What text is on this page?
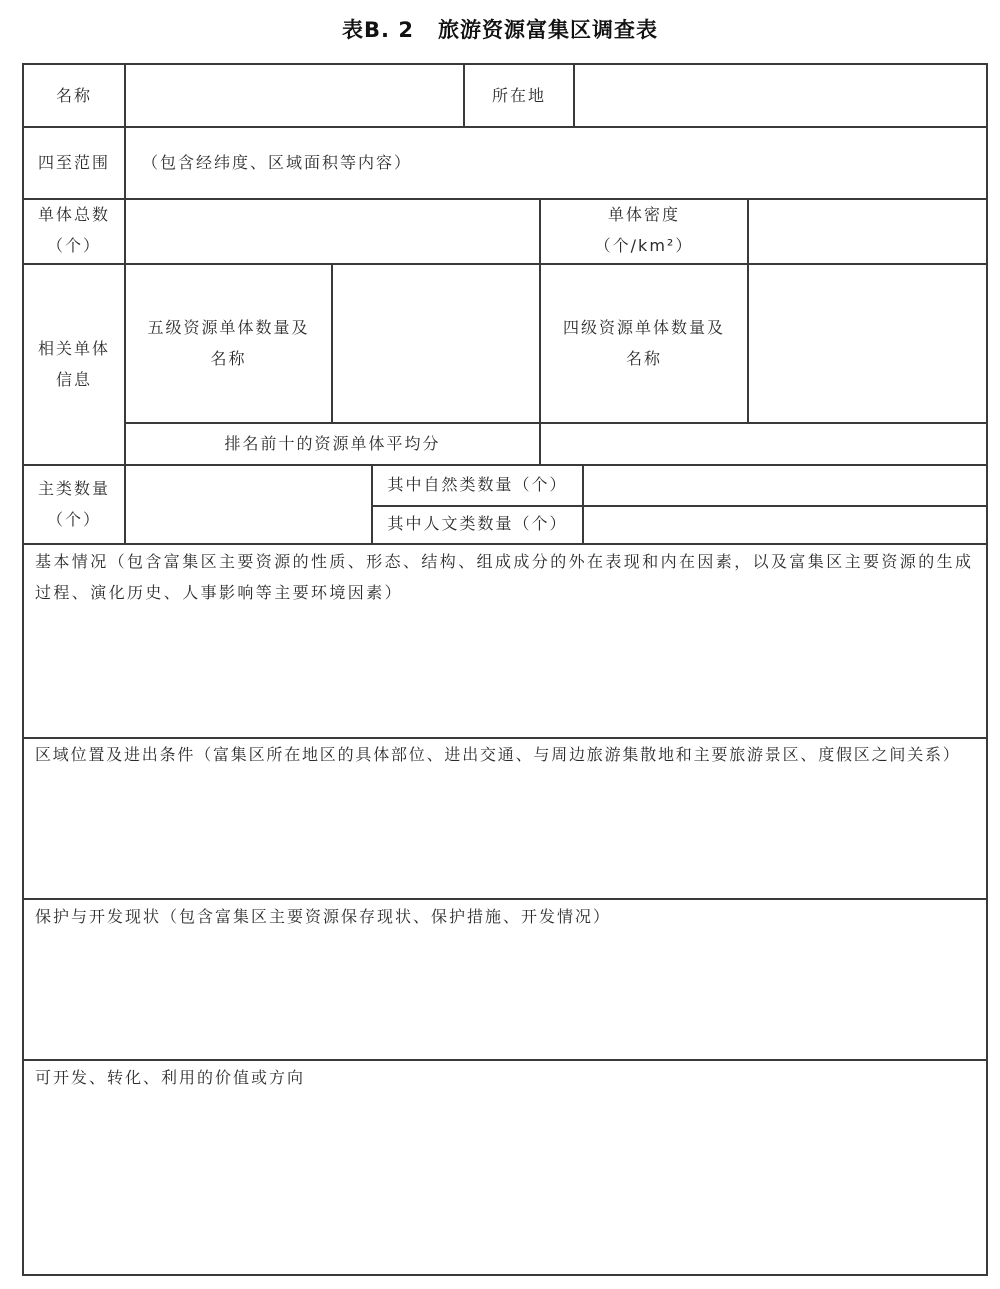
表B. 2 旅游资源富集区调查表
名称	所在地
四至范围	（包含经纬度、区域面积等内容）
单体总数
（个）
单体密度
（个/km²）
相关单体
信息
五级资源单体数量及
名称
四级资源单体数量及
名称
排名前十的资源单体平均分
主类数量
（个）
其中自然类数量（个）
其中人文类数量（个）
基本情况（包含富集区主要资源的性质、形态、结构、组成成分的外在表现和内在因素，以及富集区主要资源的生成过程、演化历史、人事影响等主要环境因素）
区域位置及进出条件（富集区所在地区的具体部位、进出交通、与周边旅游集散地和主要旅游景区、度假区之间关系）
保护与开发现状（包含富集区主要资源保存现状、保护措施、开发情况）
可开发、转化、利用的价值或方向
